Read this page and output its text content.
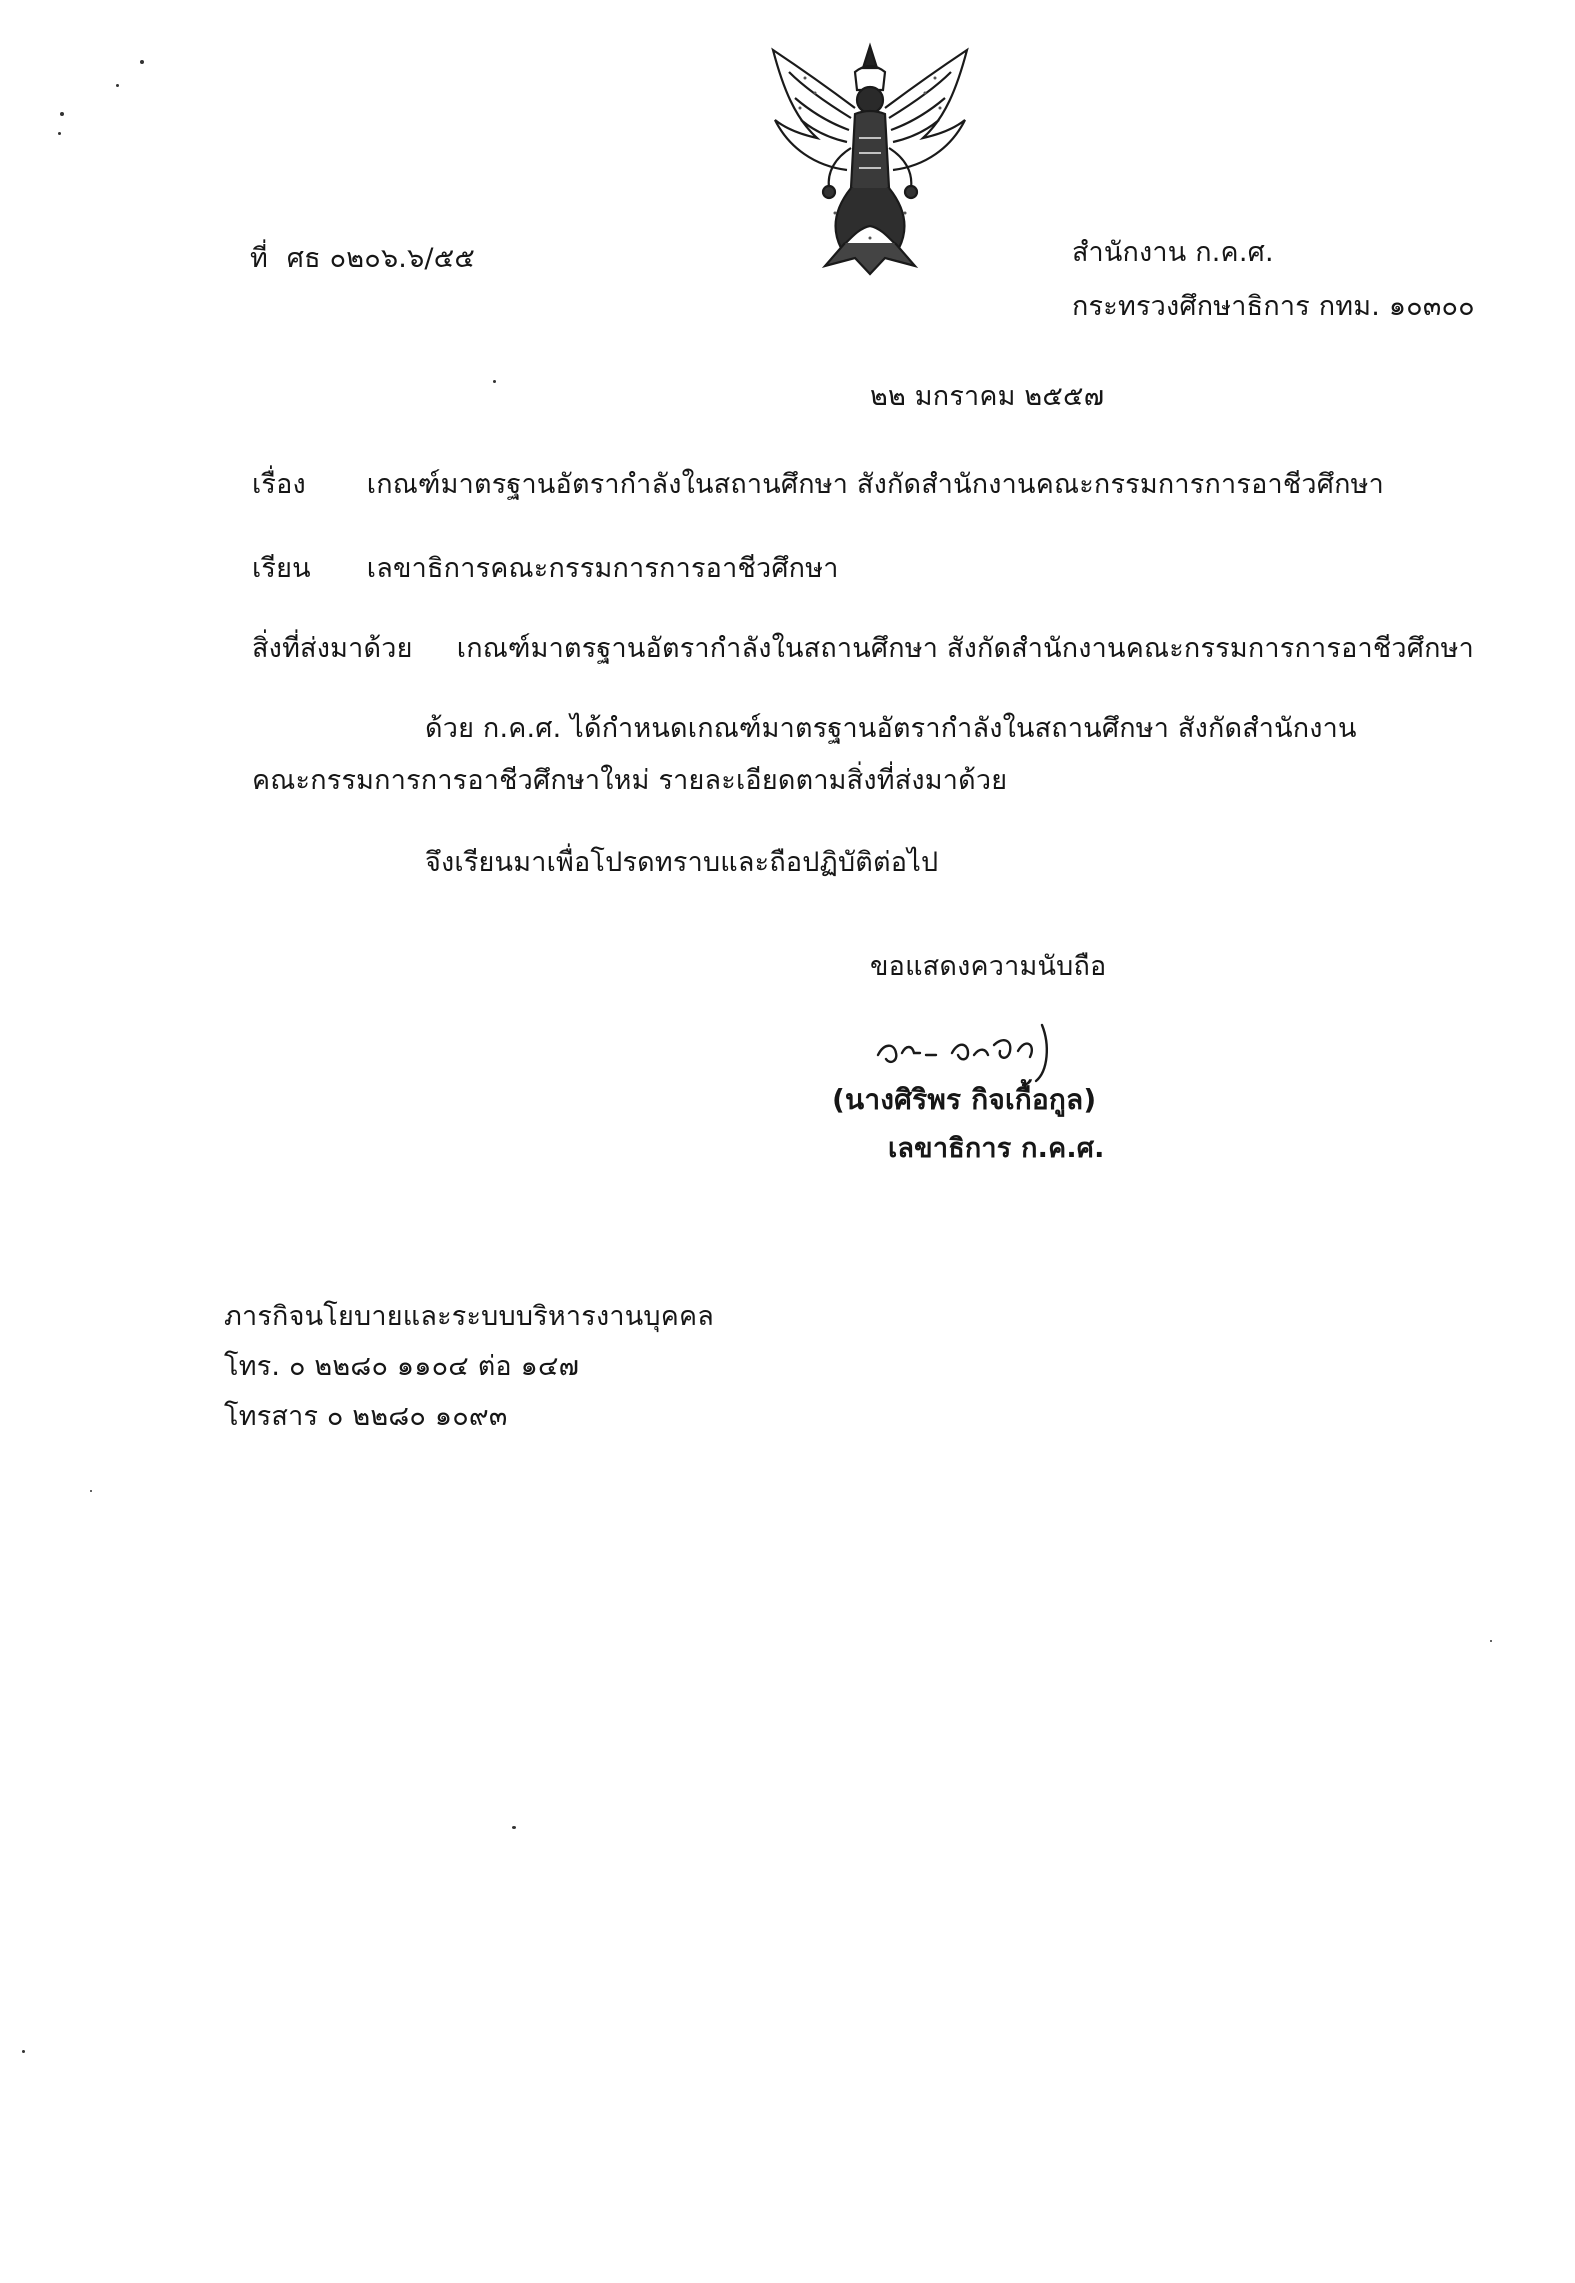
ที่ ศธ ๐๒๐๖.๖/๕๕	สำนักงาน ก.ค.ศ.
กระทรวงศึกษาธิการ กทม. ๑๐๓๐๐
๒๒ มกราคม ๒๕๕๗
เรื่อง เกณฑ์มาตรฐานอัตรากำลังในสถานศึกษา สังกัดสำนักงานคณะกรรมการการอาชีวศึกษา
เรียน เลขาธิการคณะกรรมการการอาชีวศึกษา
สิ่งที่ส่งมาด้วย เกณฑ์มาตรฐานอัตรากำลังในสถานศึกษา สังกัดสำนักงานคณะกรรมการการอาชีวศึกษา
ด้วย ก.ค.ศ. ได้กำหนดเกณฑ์มาตรฐานอัตรากำลังในสถานศึกษา สังกัดสำนักงาน
คณะกรรมการการอาชีวศึกษาใหม่ รายละเอียดตามสิ่งที่ส่งมาด้วย
จึงเรียนมาเพื่อโปรดทราบและถือปฏิบัติต่อไป
ขอแสดงความนับถือ
(นางศิริพร กิจเกื้อกูล)
เลขาธิการ ก.ค.ศ.
ภารกิจนโยบายและระบบบริหารงานบุคคล
โทร. ๐ ๒๒๘๐ ๑๑๐๔ ต่อ ๑๔๗
โทรสาร ๐ ๒๒๘๐ ๑๐๙๓
